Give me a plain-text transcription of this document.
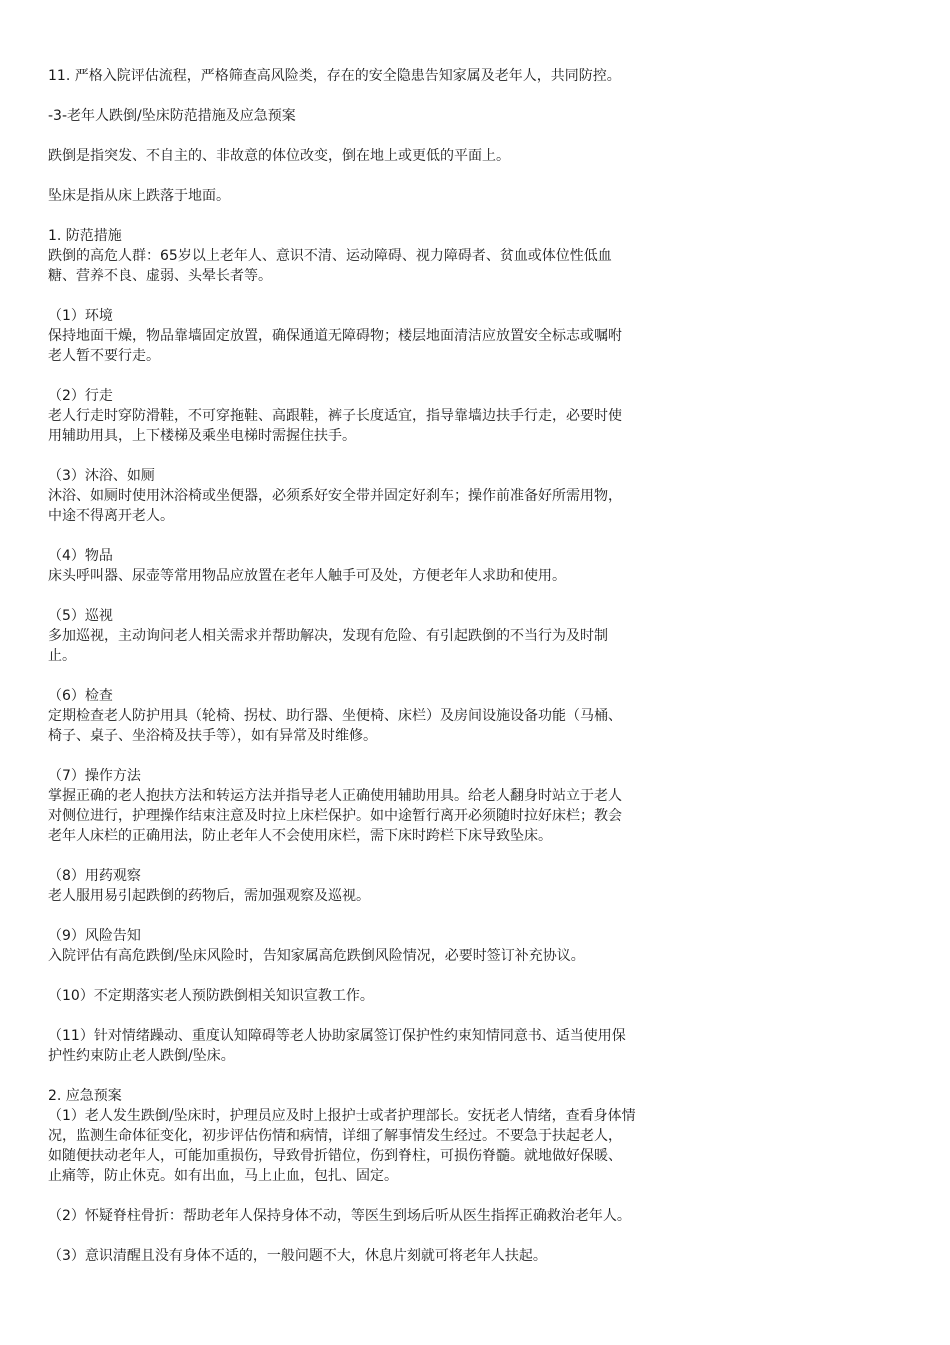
11. 严格入院评估流程，严格筛查高风险类，存在的安全隐患告知家属及老年人，共同防控。
-3-老年人跌倒/坠床防范措施及应急预案
跌倒是指突发、不自主的、非故意的体位改变，倒在地上或更低的平面上。
坠床是指从床上跌落于地面。
1. 防范措施
跌倒的高危人群：65岁以上老年人、意识不清、运动障碍、视力障碍者、贫血或体位性低血
糖、营养不良、虚弱、头晕长者等。
（1）环境
保持地面干燥，物品靠墙固定放置，确保通道无障碍物；楼层地面清洁应放置安全标志或嘱咐
老人暂不要行走。
（2）行走
老人行走时穿防滑鞋，不可穿拖鞋、高跟鞋，裤子长度适宜，指导靠墙边扶手行走，必要时使
用辅助用具，上下楼梯及乘坐电梯时需握住扶手。
（3）沐浴、如厕
沐浴、如厕时使用沐浴椅或坐便器，必须系好安全带并固定好刹车；操作前准备好所需用物，
中途不得离开老人。
（4）物品
床头呼叫器、尿壶等常用物品应放置在老年人触手可及处，方便老年人求助和使用。
（5）巡视
多加巡视，主动询问老人相关需求并帮助解决，发现有危险、有引起跌倒的不当行为及时制
止。
（6）检查
定期检查老人防护用具（轮椅、拐杖、助行器、坐便椅、床栏）及房间设施设备功能（马桶、
椅子、桌子、坐浴椅及扶手等），如有异常及时维修。
（7）操作方法
掌握正确的老人抱扶方法和转运方法并指导老人正确使用辅助用具。给老人翻身时站立于老人
对侧位进行，护理操作结束注意及时拉上床栏保护。如中途暂行离开必须随时拉好床栏；教会
老年人床栏的正确用法，防止老年人不会使用床栏，需下床时跨栏下床导致坠床。
（8）用药观察
老人服用易引起跌倒的药物后，需加强观察及巡视。
（9）风险告知
入院评估有高危跌倒/坠床风险时，告知家属高危跌倒风险情况，必要时签订补充协议。
（10）不定期落实老人预防跌倒相关知识宣教工作。
（11）针对情绪躁动、重度认知障碍等老人协助家属签订保护性约束知情同意书、适当使用保
护性约束防止老人跌倒/坠床。
2. 应急预案
（1）老人发生跌倒/坠床时，护理员应及时上报护士或者护理部长。安抚老人情绪，查看身体情
况，监测生命体征变化，初步评估伤情和病情，详细了解事情发生经过。不要急于扶起老人，
如随便扶动老年人，可能加重损伤，导致骨折错位，伤到脊柱，可损伤脊髓。就地做好保暖、
止痛等，防止休克。如有出血，马上止血，包扎、固定。
（2）怀疑脊柱骨折：帮助老年人保持身体不动，等医生到场后听从医生指挥正确救治老年人。
（3）意识清醒且没有身体不适的，一般问题不大，休息片刻就可将老年人扶起。
